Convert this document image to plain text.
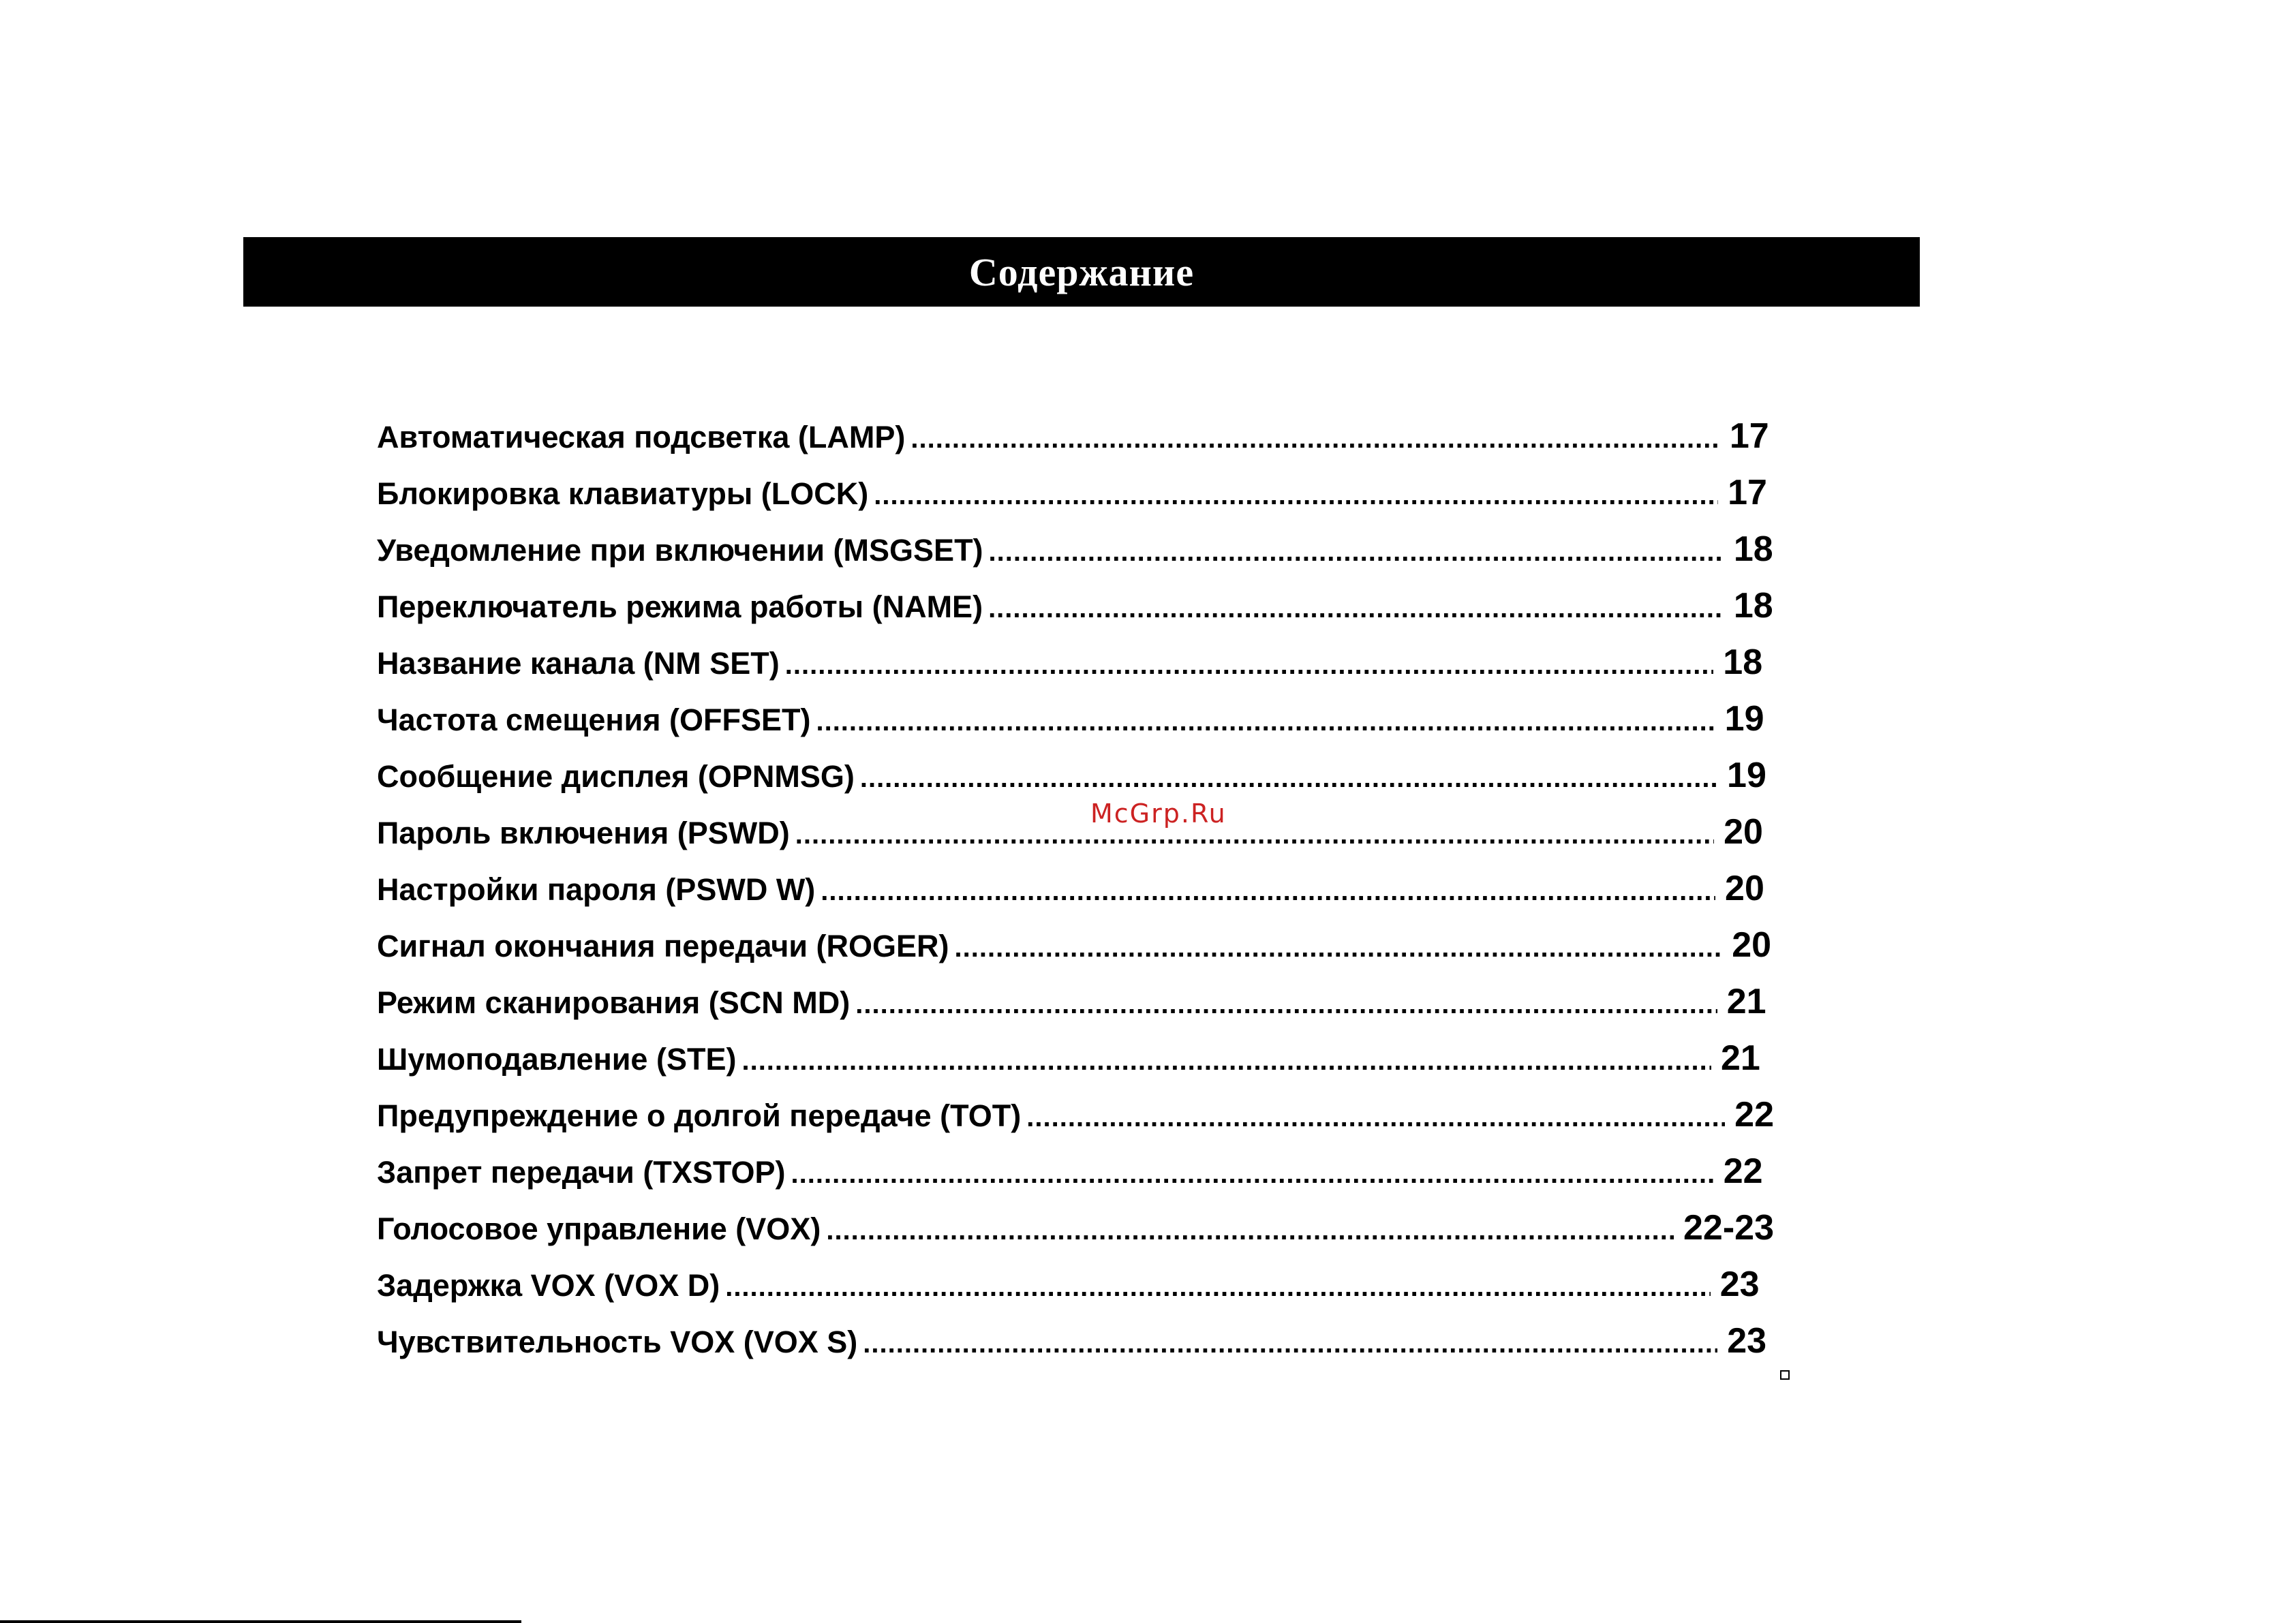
Содержание
Автоматическая подсветка (LAMP) .....	17
Блокировка клавиатуры (LOCK) .....	17
Уведомление при включении (MSGSET) .....	18
Переключатель режима работы (NAME) .....	18
Название канала (NM SET) .....	18
Частота смещения (OFFSET) .....	19
Сообщение дисплея (OPNMSG) .....	19
Пароль включения (PSWD) .....	20
Настройки пароля (PSWD W) .....	20
Сигнал окончания передачи (ROGER) .....	20
Режим сканирования (SCN MD) .....	21
Шумоподавление (STE) .....	21
Предупреждение о долгой передаче (TOT) .....	22
Запрет передачи (TXSTOP) .....	22
Голосовое управление (VOX) .....	22-23
Задержка VOX (VOX D) .....	23
Чувствительность VOX (VOX S) .....	23
McGrp.Ru
